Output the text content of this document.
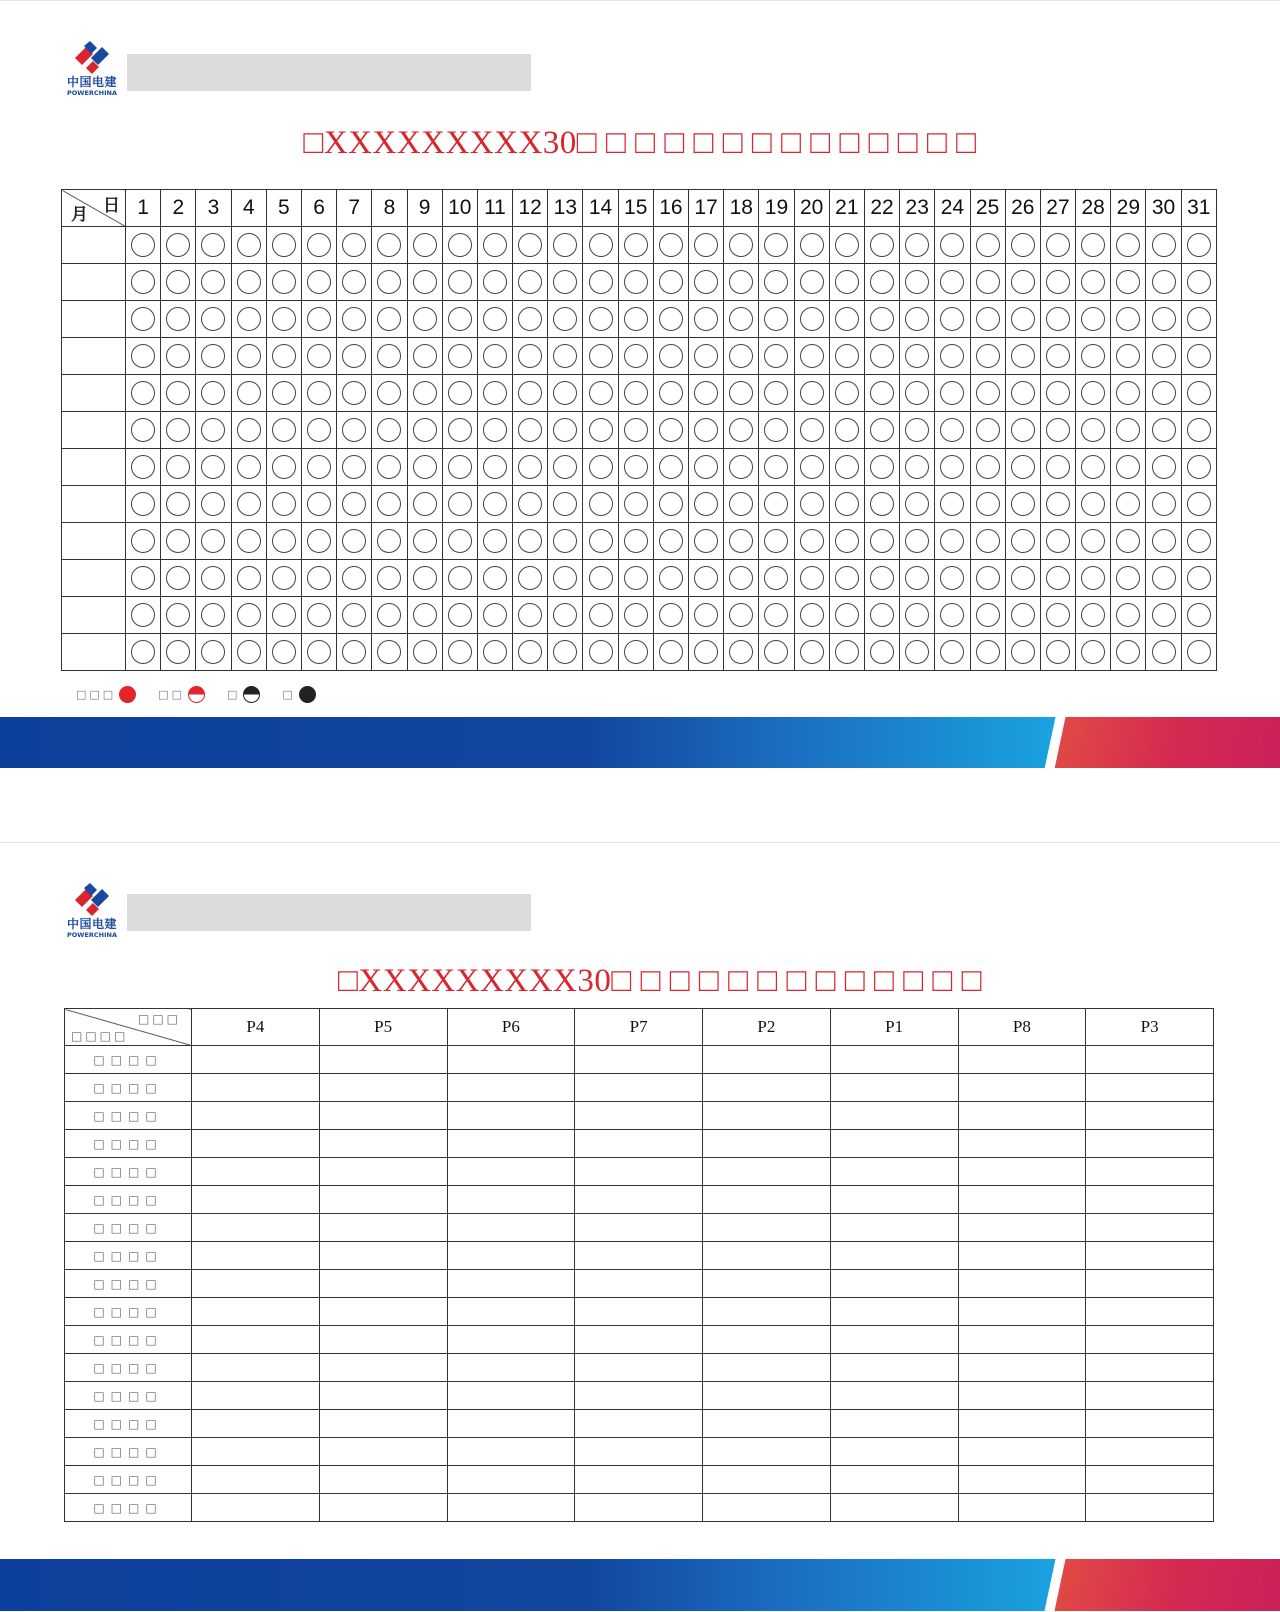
中国电建
POWERCHINA
□XXXXXXXXX30□ □ □ □ □ □ □ □ □ □ □ □ □ □
日
月	1	2	3	4	5	6	7	8	9	10	11	12	13	14	15	16	17	18	19	20	21	22	23	24	25	26	27	28	29	30	31

□□□	□□	□	□
中国电建
POWERCHINA
□XXXXXXXXX30□ □ □ □ □ □ □ □ □ □ □ □ □
□□□
□□□□	P4	P5	P6	P7	P2	P1	P8	P3
□□□□								
□□□□								
□□□□								
□□□□								
□□□□								
□□□□								
□□□□								
□□□□								
□□□□								
□□□□								
□□□□								
□□□□								
□□□□								
□□□□								
□□□□								
□□□□								
□□□□								
